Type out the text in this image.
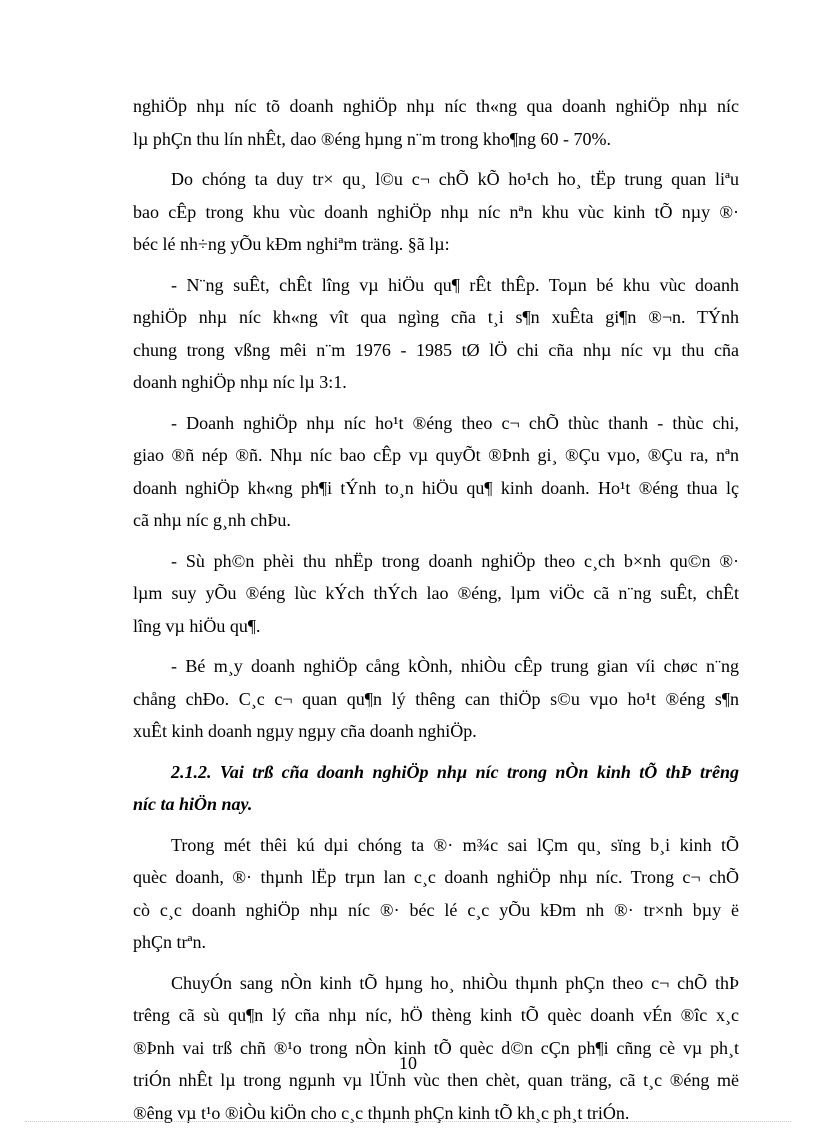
nghiÖp nhµ níc tõ doanh nghiÖp nhµ níc th«ng qua doanh nghiÖp nhµ níc
lµ phÇn thu lín nhÊt, dao ®éng hµng n¨m trong kho¶ng 60 - 70%.

Do chóng ta duy tr× qu¸ l©u c¬ chÕ kÕ ho¹ch ho¸ tËp trung quan liªu
bao cÊp trong khu vùc doanh nghiÖp nhµ níc nªn khu vùc kinh tÕ nµy ®·
béc lé nh÷ng yÕu kÐm nghiªm träng. §ã lµ:

- N¨ng suÊt, chÊt lîng vµ hiÖu qu¶ rÊt thÊp. Toµn bé khu vùc doanh
nghiÖp nhµ níc kh«ng vît qua ngìng cña t¸i s¶n xuÊta gi¶n ®¬n. TÝnh
chung trong vßng mêi n¨m 1976 - 1985 tØ lÖ chi cña nhµ níc vµ thu cña
doanh nghiÖp nhµ níc lµ 3:1.

- Doanh nghiÖp nhµ níc ho¹t ®éng theo c¬ chÕ thùc thanh - thùc chi,
giao ®ñ nép ®ñ. Nhµ níc bao cÊp vµ quyÕt ®Þnh gi¸ ®Çu vµo, ®Çu ra, nªn
doanh nghiÖp kh«ng ph¶i tÝnh to¸n hiÖu qu¶ kinh doanh. Ho¹t ®éng thua lç
cã nhµ níc g¸nh chÞu.

- Sù ph©n phèi thu nhËp trong doanh nghiÖp theo c¸ch b×nh qu©n ®·
lµm suy yÕu ®éng lùc kÝch thÝch lao ®éng, lµm viÖc cã n¨ng suÊt, chÊt
lîng vµ hiÖu qu¶.

- Bé m¸y doanh nghiÖp cång kÒnh, nhiÒu cÊp trung gian víi chøc n¨ng
chång chÐo. C¸c c¬ quan qu¶n lý thêng can thiÖp s©u vµo ho¹t ®éng s¶n
xuÊt kinh doanh ngµy ngµy cña doanh nghiÖp.

2.1.2. Vai trß cña doanh nghiÖp nhµ níc trong nÒn kinh tÕ thÞ trêng
níc ta hiÖn nay.

Trong mét thêi kú dµi chóng ta ®· m¾c sai lÇm qu¸ sïng b¸i kinh tÕ
quèc doanh, ®· thµnh lËp trµn lan c¸c doanh nghiÖp nhµ níc. Trong c¬ chÕ
cò c¸c doanh nghiÖp nhµ níc ®· béc lé c¸c yÕu kÐm nh ®· tr×nh bµy ë
phÇn trªn.

ChuyÓn sang nÒn kinh tÕ hµng ho¸ nhiÒu thµnh phÇn theo c¬ chÕ thÞ
trêng cã sù qu¶n lý cña nhµ níc, hÖ thèng kinh tÕ quèc doanh vÉn ®îc x¸c
®Þnh vai trß chñ ®¹o trong nÒn kinh tÕ quèc d©n cÇn ph¶i cñng cè vµ ph¸t
triÓn nhÊt lµ trong ngµnh vµ lÜnh vùc then chèt, quan träng, cã t¸c ®éng më
®êng vµ t¹o ®iÒu kiÖn cho c¸c thµnh phÇn kinh tÕ kh¸c ph¸t triÓn.

10
